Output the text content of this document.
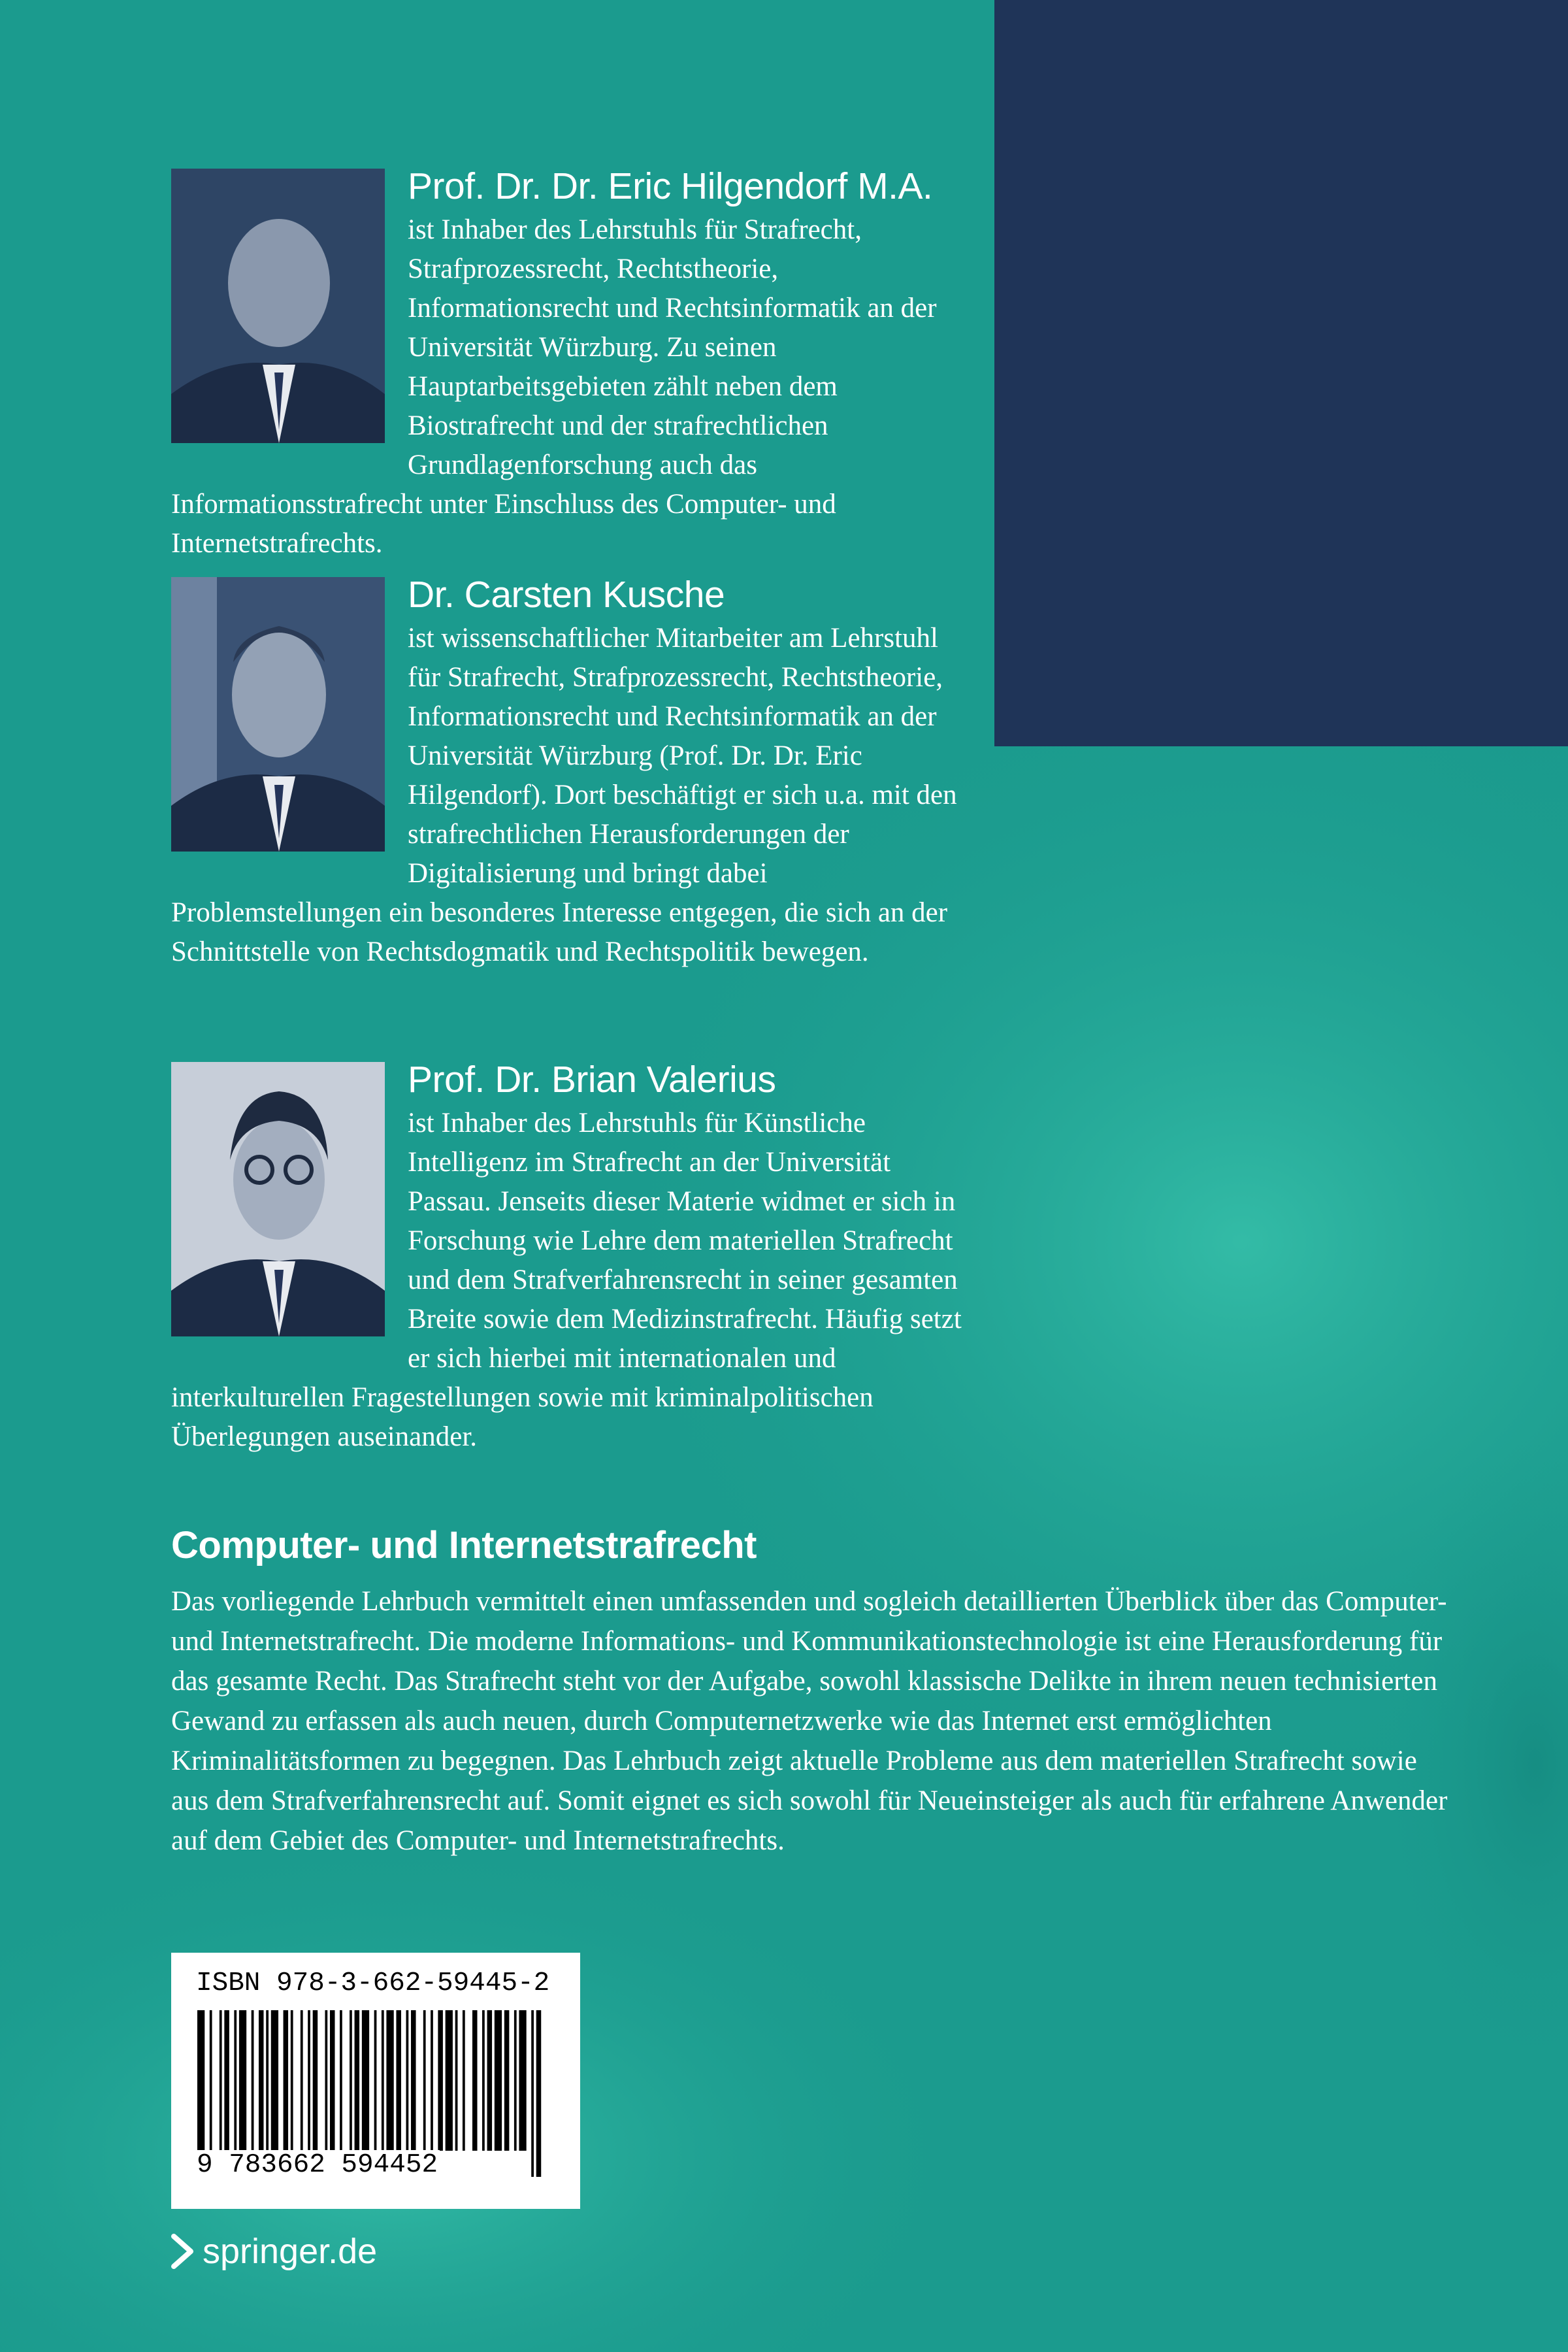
Prof. Dr. Dr. Eric Hilgendorf M.A.

ist Inhaber des Lehrstuhls für Strafrecht, Strafprozessrecht, Rechtstheorie, Informationsrecht und Rechtsinformatik an der Universität Würzburg. Zu seinen Hauptarbeitsgebieten zählt neben dem Biostrafrecht und der strafrechtlichen Grundlagenforschung auch das Informationsstrafrecht unter Einschluss des Computer- und Internetstrafrechts.

Dr. Carsten Kusche

ist wissenschaftlicher Mitarbeiter am Lehrstuhl für Strafrecht, Strafprozessrecht, Rechtstheorie, Informationsrecht und Rechtsinformatik an der Universität Würzburg (Prof. Dr. Dr. Eric Hilgendorf). Dort beschäftigt er sich u.a. mit den strafrechtlichen Herausforderungen der Digitalisierung und bringt dabei Problemstellungen ein besonderes Interesse entgegen, die sich an der Schnittstelle von Rechtsdogmatik und Rechtspolitik bewegen.

Prof. Dr. Brian Valerius

ist Inhaber des Lehrstuhls für Künstliche Intelligenz im Strafrecht an der Universität Passau. Jenseits dieser Materie widmet er sich in Forschung wie Lehre dem materiellen Strafrecht und dem Strafverfahrensrecht in seiner gesamten Breite sowie dem Medizinstrafrecht. Häufig setzt er sich hierbei mit internationalen und interkulturellen Fragestellungen sowie mit kriminalpolitischen Überlegungen auseinander.

Computer- und Internetstrafrecht

Das vorliegende Lehrbuch vermittelt einen umfassenden und sogleich detaillierten Überblick über das Computer- und Internetstrafrecht. Die moderne Informations- und Kommunikationstechnologie ist eine Herausforderung für das gesamte Recht. Das Strafrecht steht vor der Aufgabe, sowohl klassische Delikte in ihrem neuen technisierten Gewand zu erfassen als auch neuen, durch Computernetzwerke wie das Internet erst ermöglichten Kriminalitätsformen zu begegnen. Das Lehrbuch zeigt aktuelle Probleme aus dem materiellen Strafrecht sowie aus dem Strafverfahrensrecht auf. Somit eignet es sich sowohl für Neueinsteiger als auch für erfahrene Anwender auf dem Gebiet des Computer- und Internetstrafrechts.

ISBN 978-3-662-59445-2
9 783662 594452
springer.de
